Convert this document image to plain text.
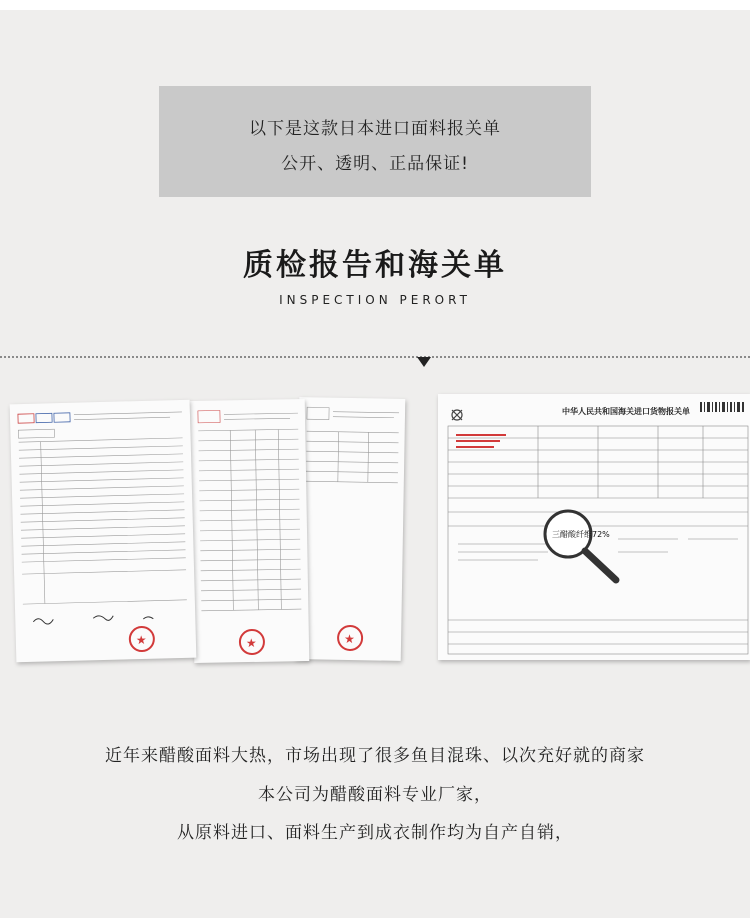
以下是这款日本进口面料报关单
公开、透明、正品保证!
质检报告和海关单
INSPECTION PERORT
★
★
★
三醋酸纤维72%
中华人民共和国海关进口货物报关单
近年来醋酸面料大热，市场出现了很多鱼目混珠、以次充好就的商家
本公司为醋酸面料专业厂家，
从原料进口、面料生产到成衣制作均为自产自销，
